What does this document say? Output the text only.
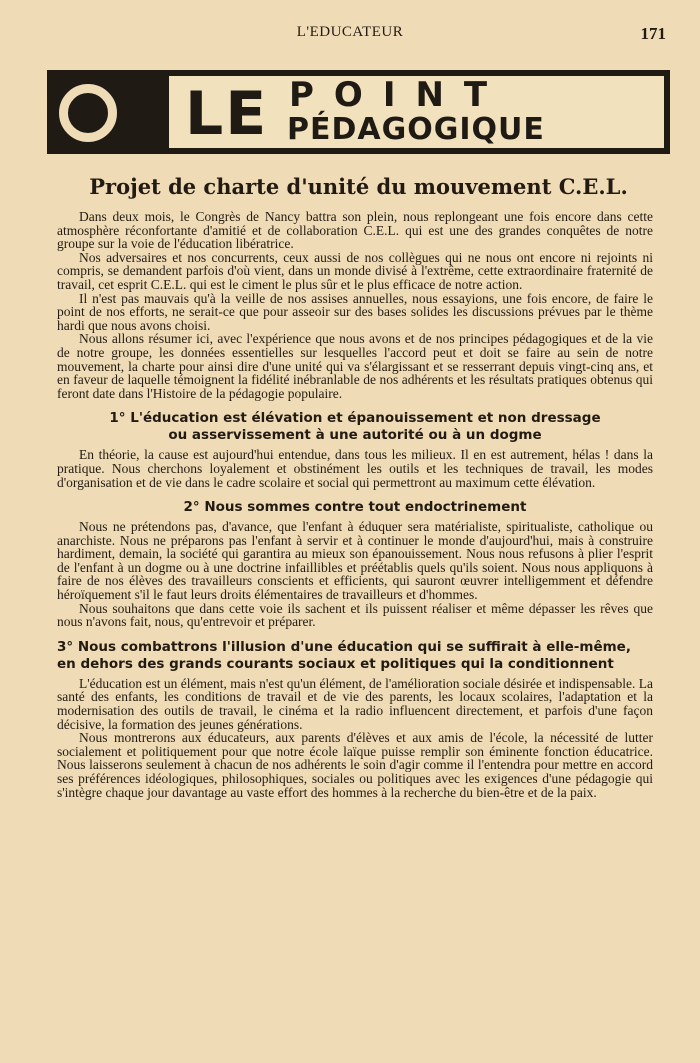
L'EDUCATEUR	171
LE POINT
PÉDAGOGIQUE
Projet de charte d'unité du mouvement C.E.L.

Dans deux mois, le Congrès de Nancy battra son plein, nous replongeant une fois encore dans cette atmosphère réconfortante d'amitié et de collaboration C.E.L. qui est une des grandes conquêtes de notre groupe sur la voie de l'éducation libératrice.

Nos adversaires et nos concurrents, ceux aussi de nos collègues qui ne nous ont encore ni rejoints ni compris, se demandent parfois d'où vient, dans un monde divisé à l'extrême, cette extraordinaire fraternité de travail, cet esprit C.E.L. qui est le ciment le plus sûr et le plus efficace de notre action.

Il n'est pas mauvais qu'à la veille de nos assises annuelles, nous essayions, une fois encore, de faire le point de nos efforts, ne serait-ce que pour asseoir sur des bases solides les discussions prévues par le thème hardi que nous avons choisi.

Nous allons résumer ici, avec l'expérience que nous avons et de nos principes pédagogiques et de la vie de notre groupe, les données essentielles sur lesquelles l'accord peut et doit se faire au sein de notre mouvement, la charte pour ainsi dire d'une unité qui va s'élargissant et se resserrant depuis vingt-cinq ans, et en faveur de laquelle témoignent la fidélité inébranlable de nos adhérents et les résultats pratiques obtenus qui feront date dans l'Histoire de la pédagogie populaire.

1° L'éducation est élévation et épanouissement et non dressage
ou asservissement à une autorité ou à un dogme

En théorie, la cause est aujourd'hui entendue, dans tous les milieux. Il en est autrement, hélas ! dans la pratique. Nous cherchons loyalement et obstinément les outils et les techniques de travail, les modes d'organisation et de vie dans le cadre scolaire et social qui permettront au maximum cette élévation.

2° Nous sommes contre tout endoctrinement

Nous ne prétendons pas, d'avance, que l'enfant à éduquer sera matérialiste, spiritualiste, catholique ou anarchiste. Nous ne préparons pas l'enfant à servir et à continuer le monde d'aujourd'hui, mais à construire hardiment, demain, la société qui garantira au mieux son épanouissement. Nous nous refusons à plier l'esprit de l'enfant à un dogme ou à une doctrine infaillibles et préétablis quels qu'ils soient. Nous nous appliquons à faire de nos élèves des travailleurs conscients et efficients, qui sauront œuvrer intelligemment et défendre héroïquement s'il le faut leurs droits élémentaires de travailleurs et d'hommes.

Nous souhaitons que dans cette voie ils sachent et ils puissent réaliser et même dépasser les rêves que nous n'avons fait, nous, qu'entrevoir et préparer.

3° Nous combattrons l'illusion d'une éducation qui se suffirait à elle-même,
en dehors des grands courants sociaux et politiques qui la conditionnent

L'éducation est un élément, mais n'est qu'un élément, de l'amélioration sociale désirée et indispensable. La santé des enfants, les conditions de travail et de vie des parents, les locaux scolaires, l'adaptation et la modernisation des outils de travail, le cinéma et la radio influencent directement, et parfois d'une façon décisive, la formation des jeunes générations.

Nous montrerons aux éducateurs, aux parents d'élèves et aux amis de l'école, la nécessité de lutter socialement et politiquement pour que notre école laïque puisse remplir son éminente fonction éducatrice. Nous laisserons seulement à chacun de nos adhérents le soin d'agir comme il l'entendra pour mettre en accord ses préférences idéologiques, philosophiques, sociales ou politiques avec les exigences d'une pédagogie qui s'intègre chaque jour davantage au vaste effort des hommes à la recherche du bien-être et de la paix.
